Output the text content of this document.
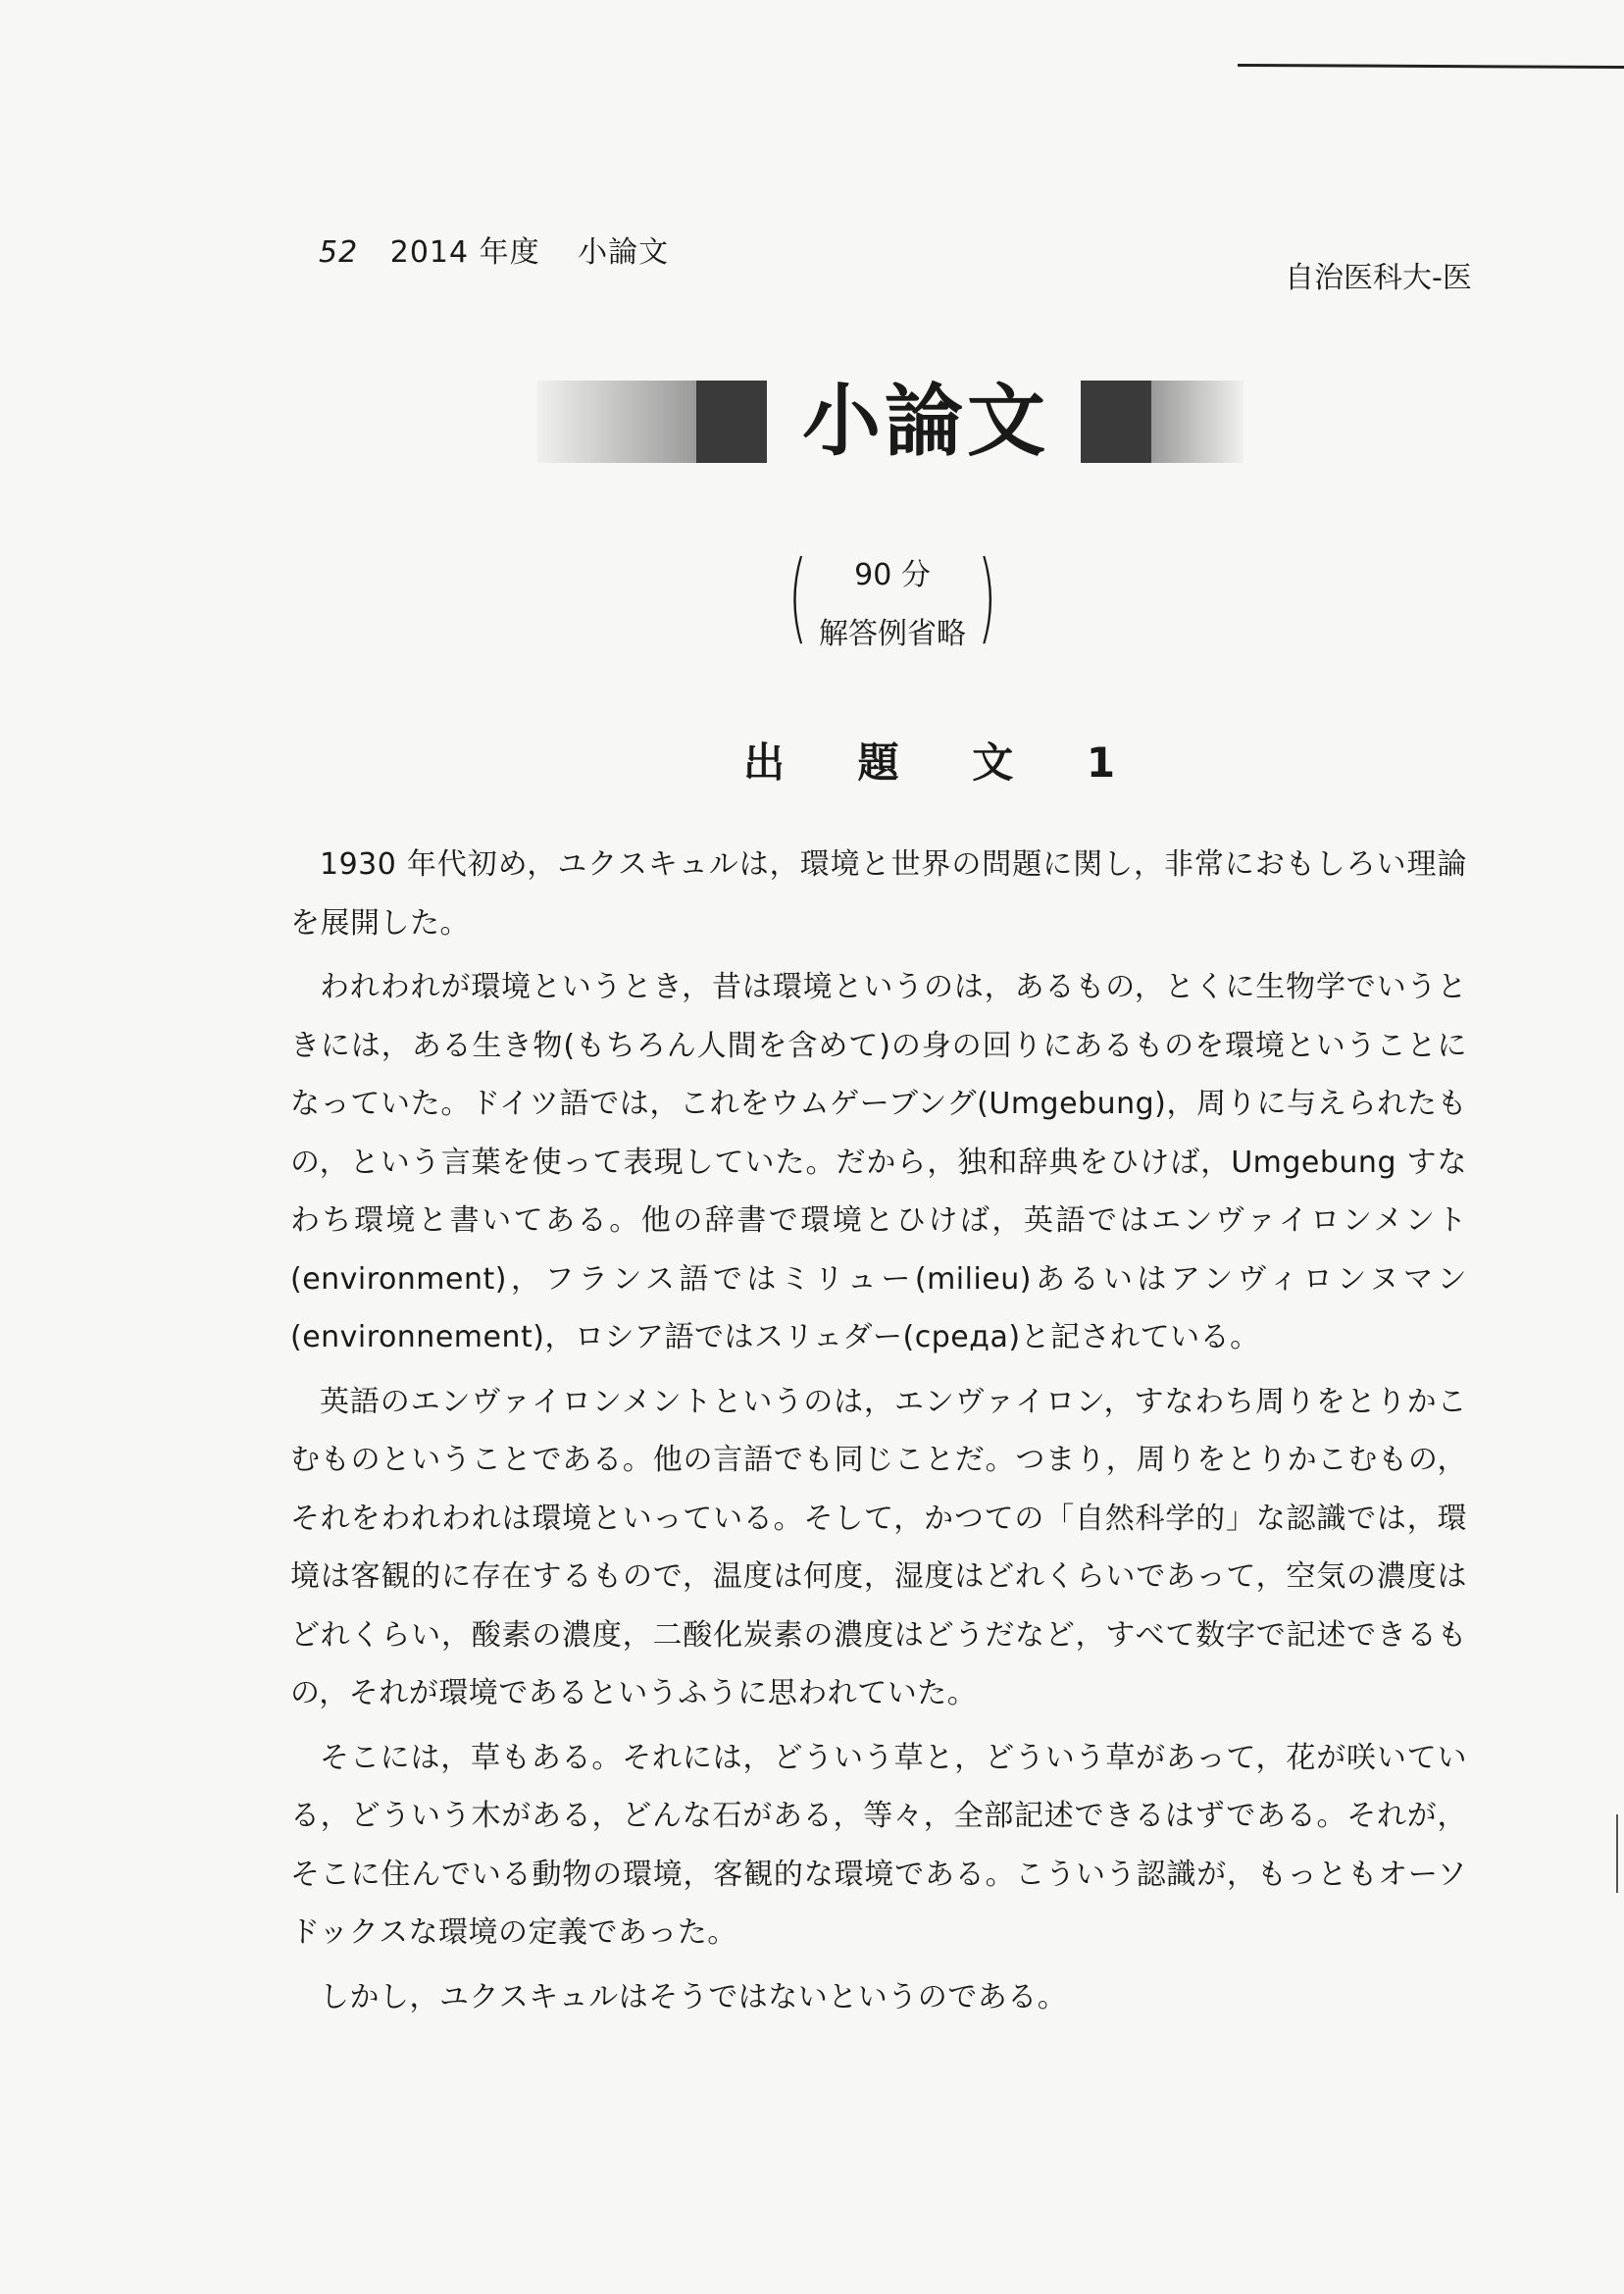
52 2014 年度 小論文
自治医科大-医
小論文
(	90 分
解答例省略 )
出 題 文 1

1930 年代初め，ユクスキュルは，環境と世界の問題に関し，非常におもしろい理論を展開した。

われわれが環境というとき，昔は環境というのは，あるもの，とくに生物学でいうときには，ある生き物(もちろん人間を含めて)の身の回りにあるものを環境ということになっていた。ドイツ語では，これをウムゲーブング(Umgebung)，周りに与えられたもの，という言葉を使って表現していた。だから，独和辞典をひけば，Umgebung すなわち環境と書いてある。他の辞書で環境とひけば，英語ではエンヴァイロンメント(environment)，フランス語ではミリュー(milieu)あるいはアンヴィロンヌマン(environnement)，ロシア語ではスリェダー(среда)と記されている。

英語のエンヴァイロンメントというのは，エンヴァイロン，すなわち周りをとりかこむものということである。他の言語でも同じことだ。つまり，周りをとりかこむもの，それをわれわれは環境といっている。そして，かつての「自然科学的」な認識では，環境は客観的に存在するもので，温度は何度，湿度はどれくらいであって，空気の濃度はどれくらい，酸素の濃度，二酸化炭素の濃度はどうだなど，すべて数字で記述できるもの，それが環境であるというふうに思われていた。

そこには，草もある。それには，どういう草と，どういう草があって，花が咲いている，どういう木がある，どんな石がある，等々，全部記述できるはずである。それが，そこに住んでいる動物の環境，客観的な環境である。こういう認識が，もっともオーソドックスな環境の定義であった。

しかし，ユクスキュルはそうではないというのである。
